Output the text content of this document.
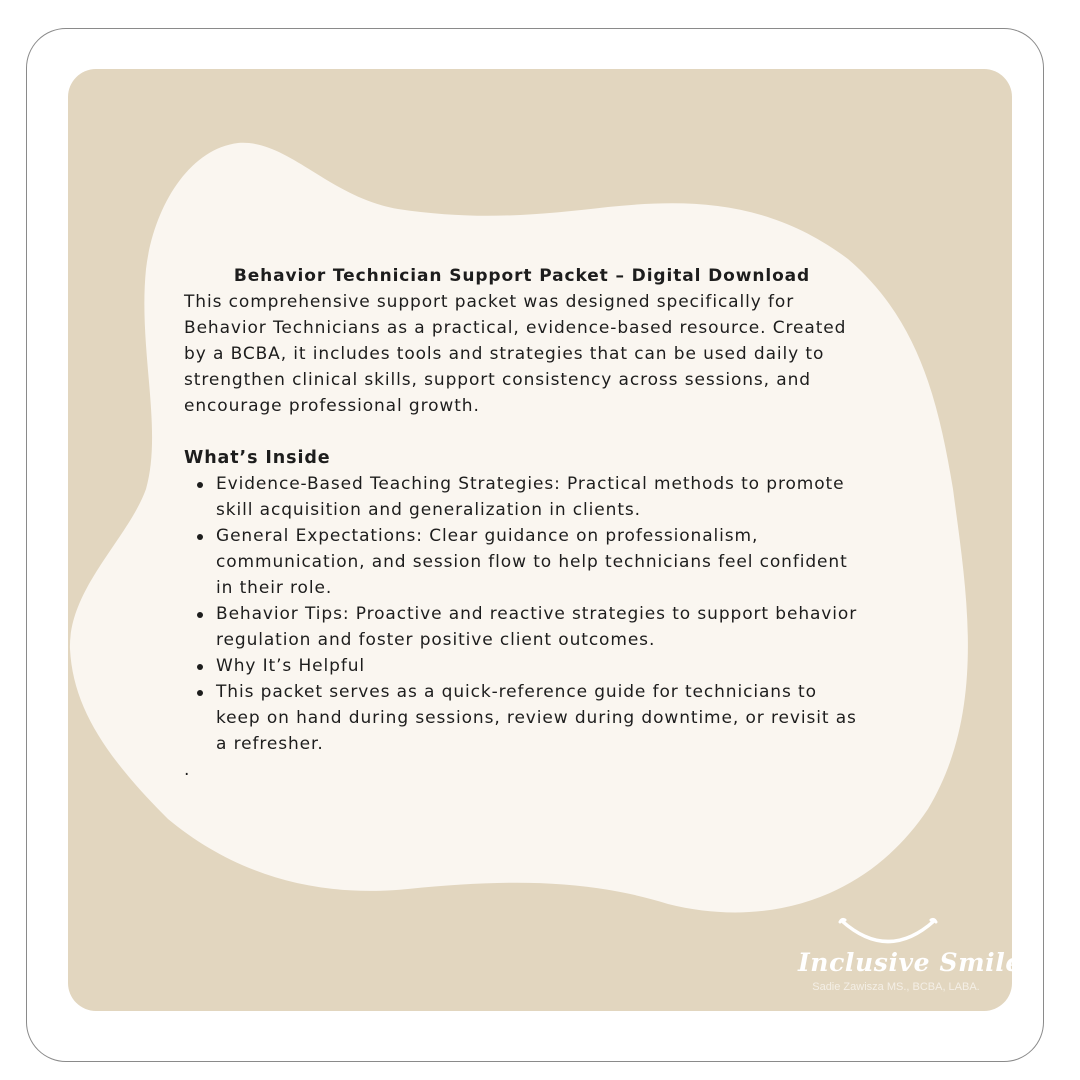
Behavior Technician Support Packet – Digital Download

This comprehensive support packet was designed specifically for Behavior Technicians as a practical, evidence-based resource. Created by a BCBA, it includes tools and strategies that can be used daily to strengthen clinical skills, support consistency across sessions, and encourage professional growth.

What’s Inside

Evidence-Based Teaching Strategies: Practical methods to promote skill acquisition and generalization in clients.
General Expectations: Clear guidance on professionalism, communication, and session flow to help technicians feel confident in their role.
Behavior Tips: Proactive and reactive strategies to support behavior regulation and foster positive client outcomes.
Why It’s Helpful
This packet serves as a quick-reference guide for technicians to keep on hand during sessions, review during downtime, or revisit as a refresher.

.

Inclusive Smiles
Sadie Zawisza MS., BCBA, LABA.
